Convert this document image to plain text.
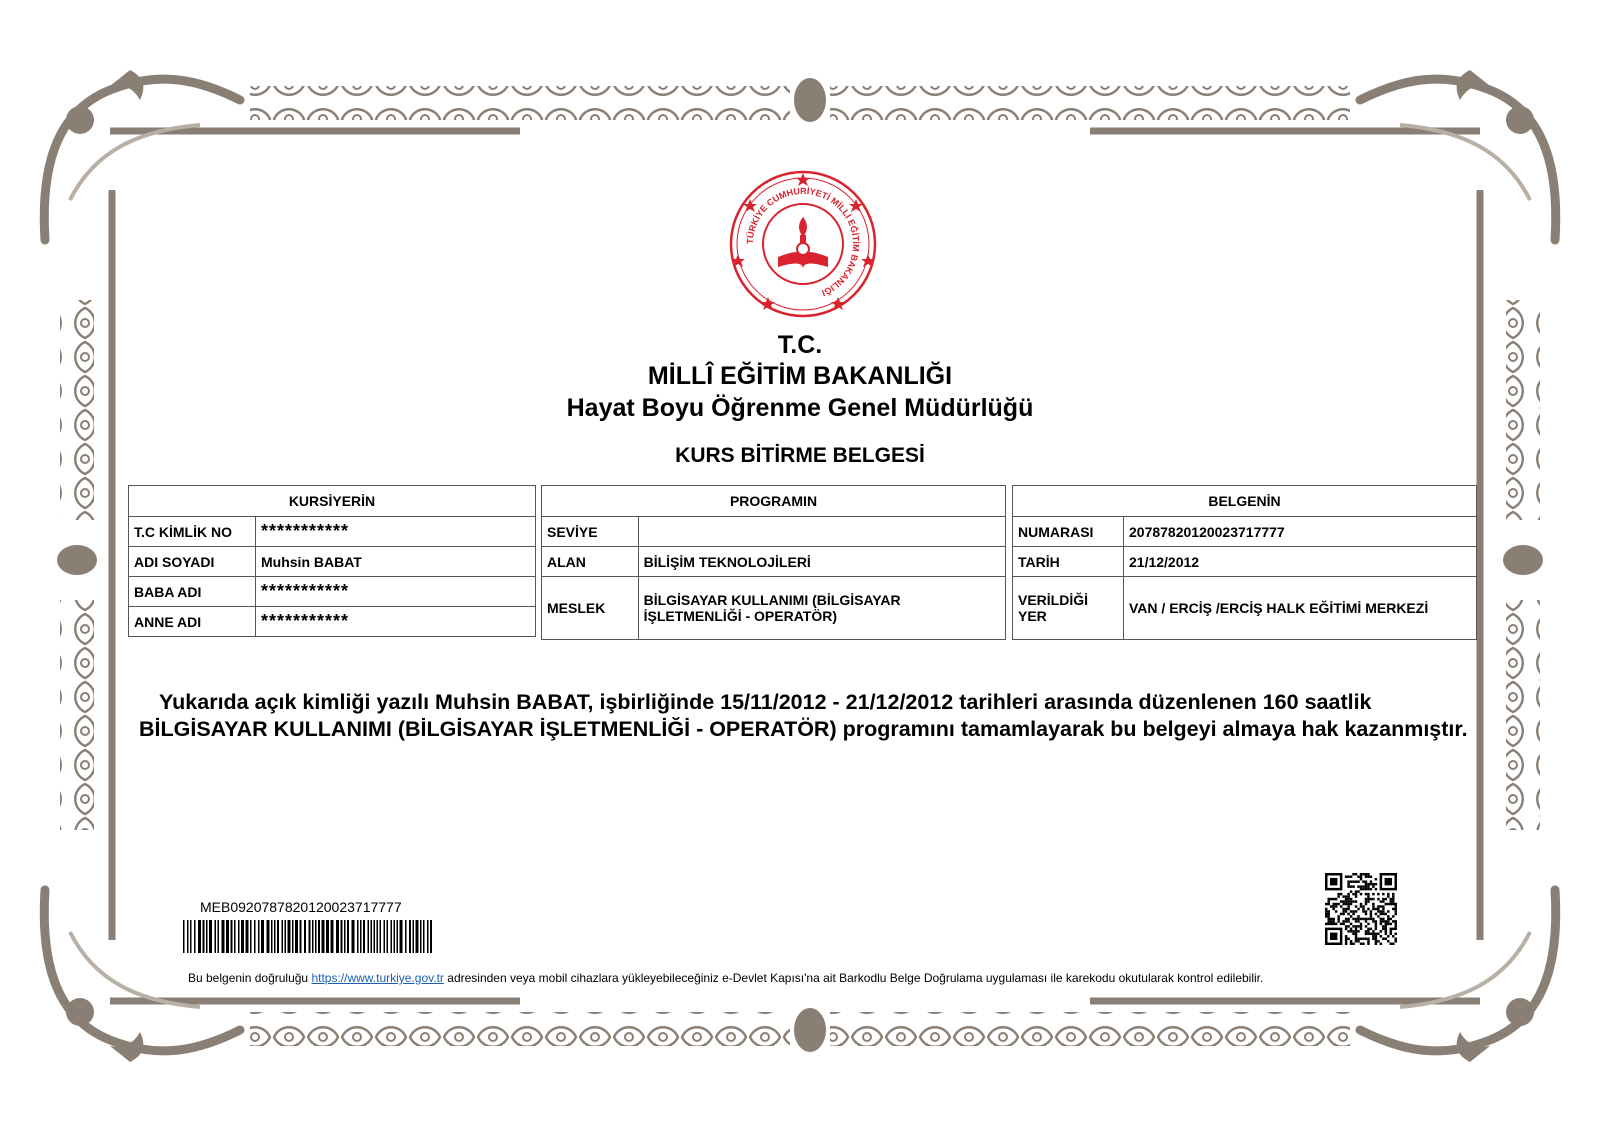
TÜRKİYE CUMHURİYETİ MİLLİ EĞİTİM BAKANLIĞI
T.C.
MİLLÎ EĞİTİM BAKANLIĞI
Hayat Boyu Öğrenme Genel Müdürlüğü
KURS BİTİRME BELGESİ
KURSİYERİN	
T.C KİMLİK NO	***********
ADI SOYADI	Muhsin BABAT
BABA ADI	***********
ANNE ADI	***********
PROGRAMIN	
SEVİYE	
ALAN	BİLİŞİM TEKNOLOJİLERİ
MESLEK	BİLGİSAYAR KULLANIMI (BİLGİSAYAR İŞLETMENLİĞİ - OPERATÖR)
BELGENİN	
NUMARASI	20787820120023717777
TARİH	21/12/2012
VERİLDİĞİ YER	VAN / ERCİŞ /ERCİŞ HALK EĞİTİMİ MERKEZİ
Yukarıda açık kimliği yazılı Muhsin BABAT, işbirliğinde 15/11/2012 - 21/12/2012 tarihleri arasında düzenlenen 160 saatlik BİLGİSAYAR KULLANIMI (BİLGİSAYAR İŞLETMENLİĞİ - OPERATÖR) programını tamamlayarak bu belgeyi almaya hak kazanmıştır.
MEB0920787820120023717777
Bu belgenin doğruluğu https://www.turkiye.gov.tr adresinden veya mobil cihazlara yükleyebileceğiniz e-Devlet Kapısı'na ait Barkodlu Belge Doğrulama uygulaması ile karekodu okutularak kontrol edilebilir.
